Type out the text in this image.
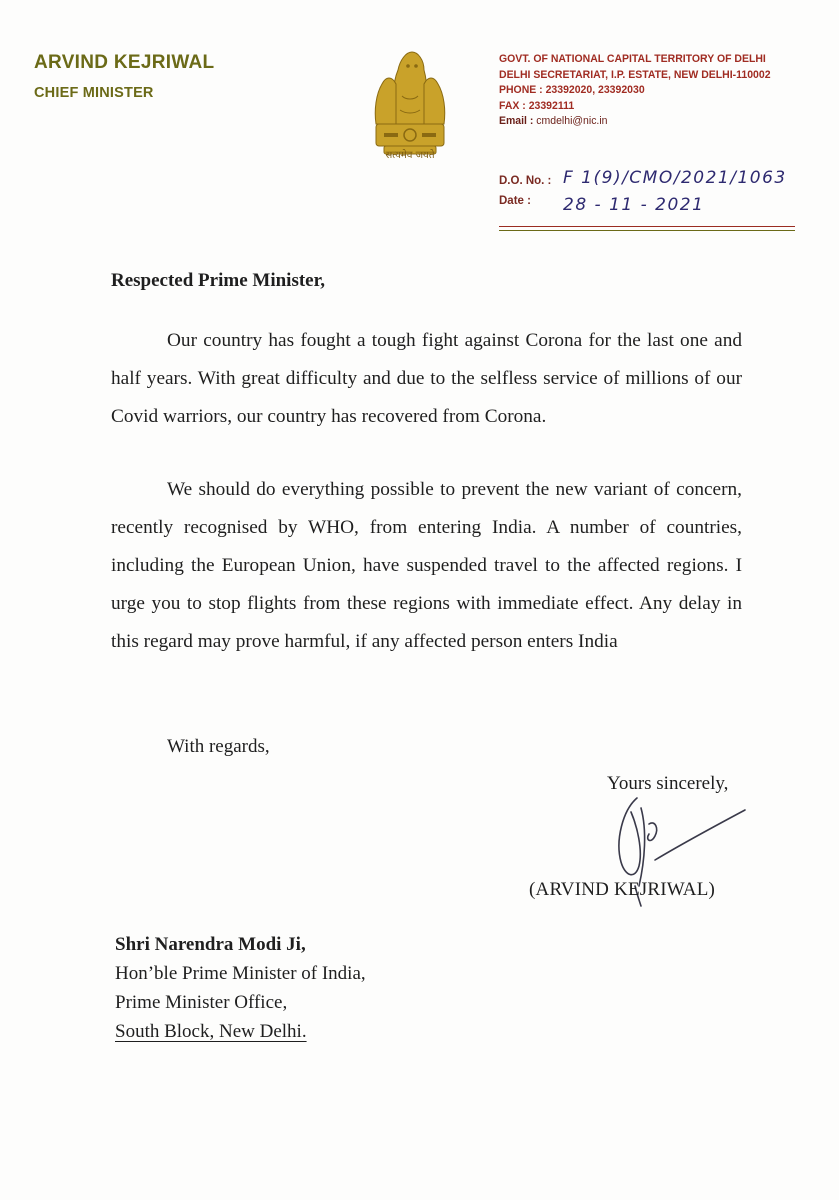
ARVIND KEJRIWAL
CHIEF MINISTER
सत्यमेव जयते
GOVT. OF NATIONAL CAPITAL TERRITORY OF DELHI
DELHI SECRETARIAT, I.P. ESTATE, NEW DELHI-110002
PHONE : 23392020, 23392030
FAX : 23392111
Email : cmdelhi@nic.in
D.O. No. : F 1(9)/CMO/2021/1063
Date : 28 - 11 - 2021
Respected Prime Minister,
Our country has fought a tough fight against Corona for the last one and half years. With great difficulty and due to the selfless service of millions of our Covid warriors, our country has recovered from Corona.
We should do everything possible to prevent the new variant of concern, recently recognised by WHO, from entering India. A number of countries, including the European Union, have suspended travel to the affected regions. I urge you to stop flights from these regions with immediate effect. Any delay in this regard may prove harmful, if any affected person enters India
With regards,
Yours sincerely,
(ARVIND KEJRIWAL)
Shri Narendra Modi Ji,
Hon’ble Prime Minister of India,
Prime Minister Office,
South Block, New Delhi.
